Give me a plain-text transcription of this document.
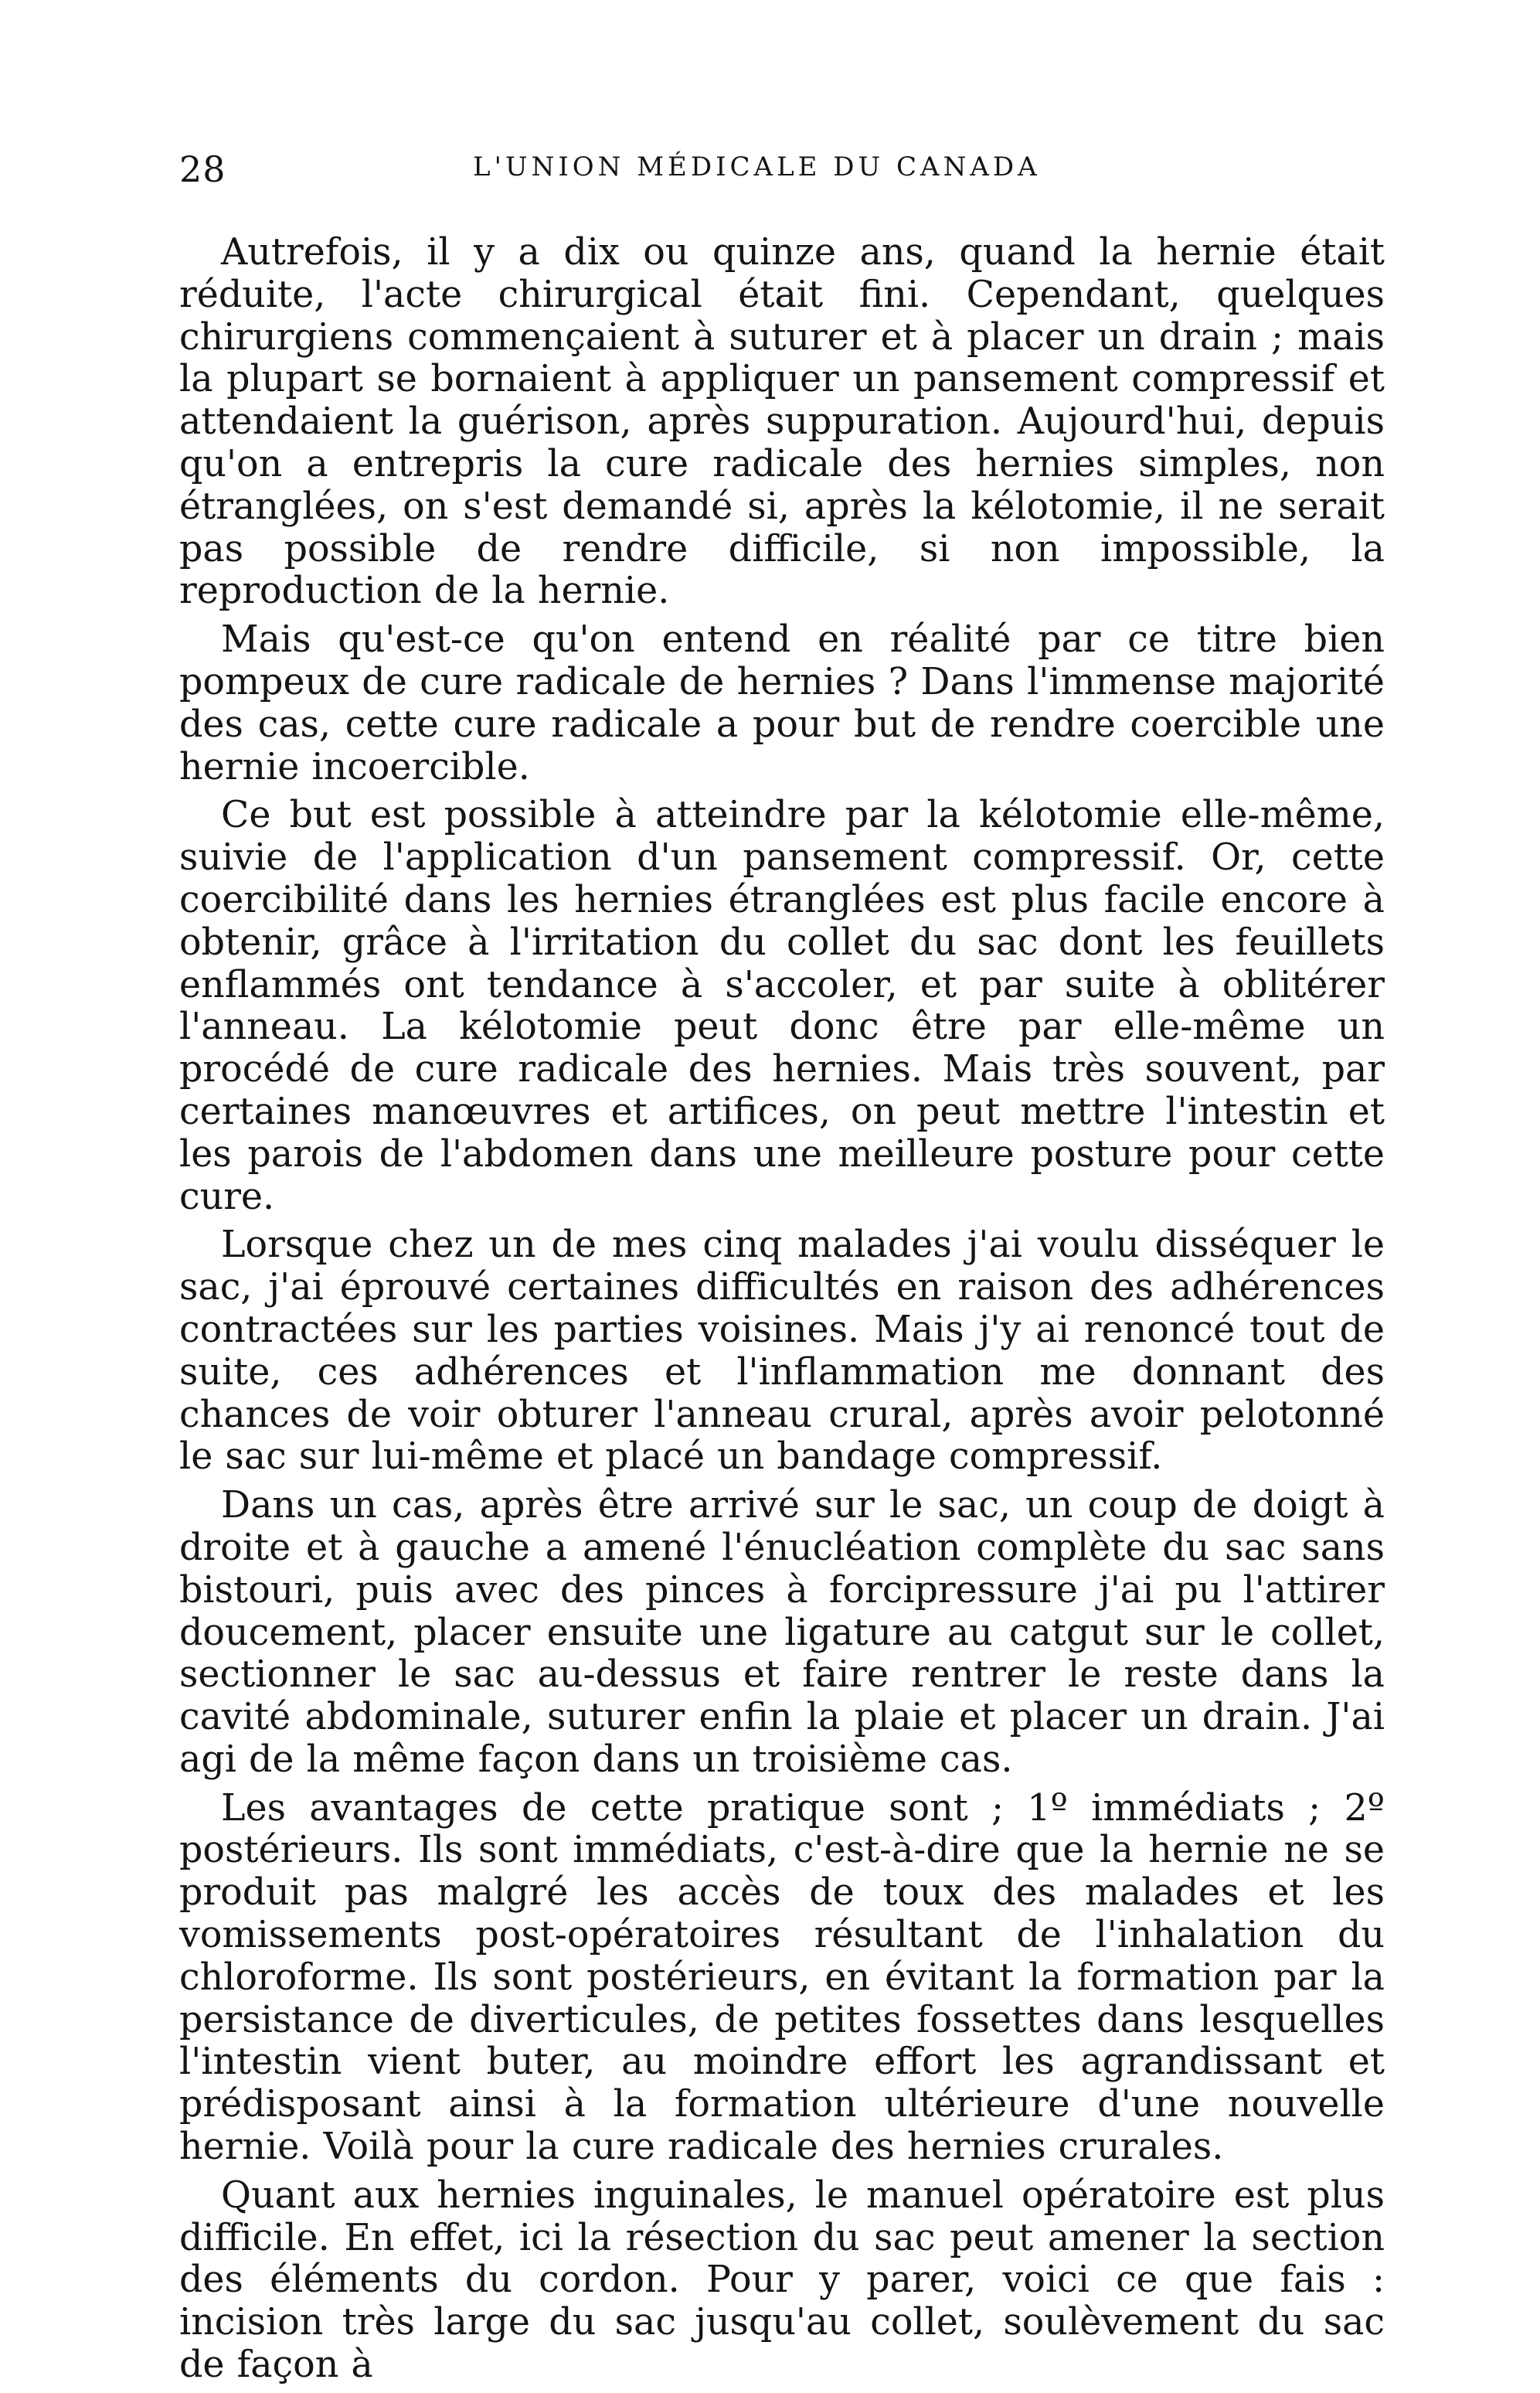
28	L'UNION MÉDICALE DU CANADA

Autrefois, il y a dix ou quinze ans, quand la hernie était réduite, l'acte chirurgical était fini. Cependant, quelques chirurgiens commençaient à suturer et à placer un drain ; mais la plupart se bornaient à appliquer un pansement compressif et attendaient la guérison, après suppuration. Aujourd'hui, depuis qu'on a entrepris la cure radicale des hernies simples, non étranglées, on s'est demandé si, après la kélotomie, il ne serait pas possible de rendre difficile, si non impossible, la reproduction de la hernie.

Mais qu'est-ce qu'on entend en réalité par ce titre bien pompeux de cure radicale de hernies ? Dans l'immense majorité des cas, cette cure radicale a pour but de rendre coercible une hernie incoercible.

Ce but est possible à atteindre par la kélotomie elle-même, suivie de l'application d'un pansement compressif. Or, cette coercibilité dans les hernies étranglées est plus facile encore à obtenir, grâce à l'irritation du collet du sac dont les feuillets enflammés ont tendance à s'accoler, et par suite à oblitérer l'anneau. La kélotomie peut donc être par elle-même un procédé de cure radicale des hernies. Mais très souvent, par certaines manœuvres et artifices, on peut mettre l'intestin et les parois de l'abdomen dans une meilleure posture pour cette cure.

Lorsque chez un de mes cinq malades j'ai voulu disséquer le sac, j'ai éprouvé certaines difficultés en raison des adhérences contractées sur les parties voisines. Mais j'y ai renoncé tout de suite, ces adhérences et l'inflammation me donnant des chances de voir obturer l'anneau crural, après avoir pelotonné le sac sur lui-même et placé un bandage compressif.

Dans un cas, après être arrivé sur le sac, un coup de doigt à droite et à gauche a amené l'énucléation complète du sac sans bistouri, puis avec des pinces à forcipressure j'ai pu l'attirer doucement, placer ensuite une ligature au catgut sur le collet, sectionner le sac au-dessus et faire rentrer le reste dans la cavité abdominale, suturer enfin la plaie et placer un drain. J'ai agi de la même façon dans un troisième cas.

Les avantages de cette pratique sont ; 1º immédiats ; 2º postérieurs. Ils sont immédiats, c'est-à-dire que la hernie ne se produit pas malgré les accès de toux des malades et les vomissements post-opératoires résultant de l'inhalation du chloroforme. Ils sont postérieurs, en évitant la formation par la persistance de diverticules, de petites fossettes dans lesquelles l'intestin vient buter, au moindre effort les agrandissant et prédisposant ainsi à la formation ultérieure d'une nouvelle hernie. Voilà pour la cure radicale des hernies crurales.

Quant aux hernies inguinales, le manuel opératoire est plus difficile. En effet, ici la résection du sac peut amener la section des éléments du cordon. Pour y parer, voici ce que fais : incision très large du sac jusqu'au collet, soulèvement du sac de façon à
